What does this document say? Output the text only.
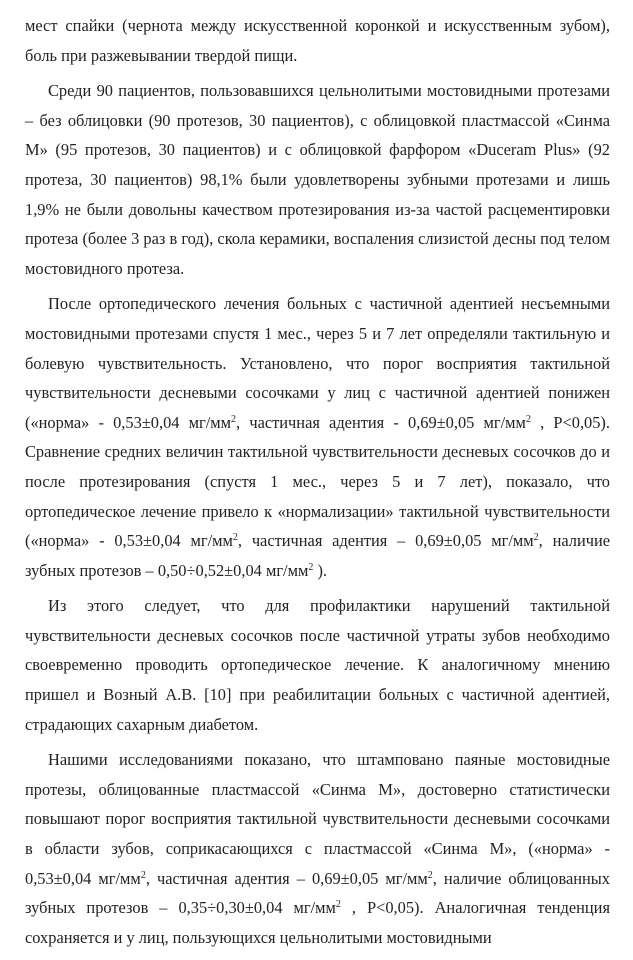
мест спайки (чернота между искусственной коронкой и искусственным зубом), боль при разжевывании твердой пищи.

Среди 90 пациентов, пользовавшихся цельнолитыми мостовидными протезами – без облицовки (90 протезов, 30 пациентов), с облицовкой пластмассой «Синма М» (95 протезов, 30 пациентов) и с облицовкой фарфором «Duceram Plus» (92 протеза, 30 пациентов) 98,1% были удовлетворены зубными протезами и лишь 1,9% не были довольны качеством протезирования из-за частой расцементировки протеза (более 3 раз в год), скола керамики, воспаления слизистой десны под телом мостовидного протеза.

После ортопедического лечения больных с частичной адентией несъемными мостовидными протезами спустя 1 мес., через 5 и 7 лет определяли тактильную и болевую чувствительность. Установлено, что порог восприятия тактильной чувствительности десневыми сосочками у лиц с частичной адентией понижен («норма» - 0,53±0,04 $мг/мм^2$, частичная адентия - 0,69±0,05 $мг/мм^2$ , Р<0,05). Сравнение средних величин тактильной чувствительности десневых сосочков до и после протезирования (спустя 1 мес., через 5 и 7 лет), показало, что ортопедическое лечение привело к «нормализации» тактильной чувствительности («норма» - 0,53±0,04 $мг/мм^2$, частичная адентия – 0,69±0,05 $мг/мм^2$, наличие зубных протезов – 0,50÷0,52±0,04 $мг/мм^2$ ).

Из этого следует, что для профилактики нарушений тактильной чувствительности десневых сосочков после частичной утраты зубов необходимо своевременно проводить ортопедическое лечение. К аналогичному мнению пришел и Возный А.В. [10] при реабилитации больных с частичной адентией, страдающих сахарным диабетом.

Нашими исследованиями показано, что штамповано паяные мостовидные протезы, облицованные пластмассой «Синма М», достоверно статистически повышают порог восприятия тактильной чувствительности десневыми сосочками в области зубов, соприкасающихся с пластмассой «Синма М», («норма» - 0,53±0,04 $мг/мм^2$, частичная адентия – 0,69±0,05 $мг/мм^2$, наличие облицованных зубных протезов – 0,35÷0,30±0,04 $мг/мм^2$ , Р<0,05). Аналогичная тенденция сохраняется и у лиц, пользующихся цельнолитыми мостовидными
